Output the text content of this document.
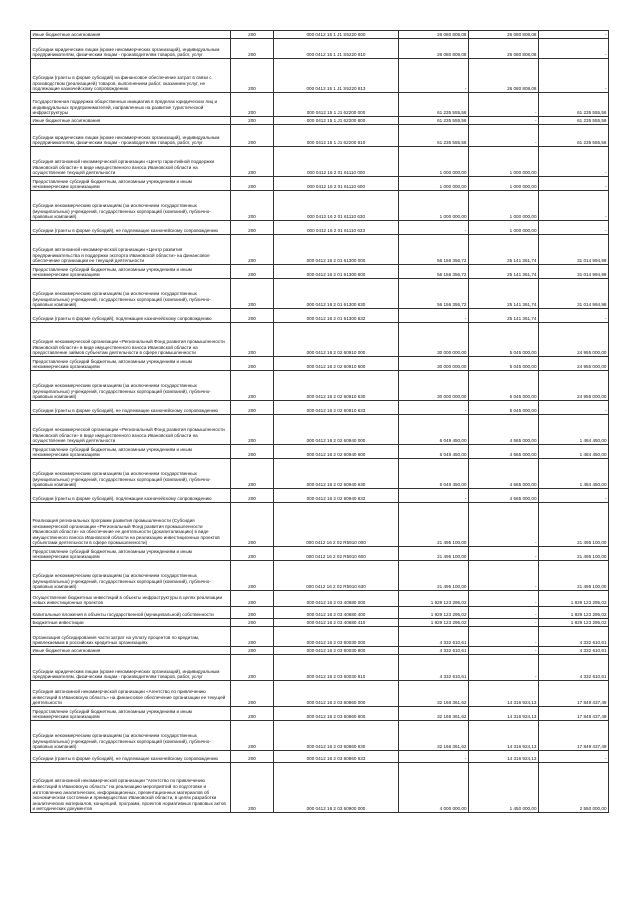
Иные бюджетные ассигнования	200	000 0412 15 1 J1 S5220 800	26 080 808,08	26 080 808,08	-
Субсидии юридическим лицам (кроме некоммерческих организаций), индивидуальным предпринимателям, физическим лицам - производителям товаров, работ, услуг	200	000 0412 15 1 J1 S5220 810	26 080 808,08	26 080 808,08	-
Субсидии (гранты в форме субсидий) на финансовое обеспечение затрат в связи с производством (реализацией) товаров, выполнением работ, оказанием услуг, не подлежащие казначейскому сопровождению	200	000 0412 15 1 J1 S5220 813	-	26 080 808,08	-
Государственная поддержка общественных инициатив в пределах юридических лиц и индивидуальных предпринимателей, направленных на развитие туристической инфраструктуры	200	000 0412 15 1 J1 62200 000	61 235 555,56	-	61 235 555,56
Иные бюджетные ассигнования	200	000 0412 15 1 J1 62200 800	61 235 555,56	-	61 235 555,56
Субсидии юридическим лицам (кроме некоммерческих организаций), индивидуальным предпринимателям, физическим лицам - производителям товаров, работ, услуг	200	000 0412 15 1 J1 62200 810	61 235 555,56	-	61 235 555,56
Субсидия автономной некоммерческой организации «Центр гарантийной поддержки Ивановской области» в виде имущественного взноса Ивановской области на осуществление текущей деятельности	200	000 0412 16 2 01 61110 000	1 000 000,00	1 000 000,00	-
Предоставление субсидий бюджетным, автономным учреждениям и иным некоммерческим организациям	200	000 0412 16 2 01 61110 600	1 000 000,00	1 000 000,00	-
Субсидии некоммерческим организациям (за исключением государственных (муниципальных) учреждений, государственных корпораций (компаний), публично-правовых компаний)	200	000 0412 16 2 01 61110 630	1 000 000,00	1 000 000,00	-
Субсидии (гранты в форме субсидий), не подлежащие казначейскому сопровождению	200	000 0412 16 2 01 61110 633	-	1 000 000,00	-
Субсидия автономной некоммерческой организации «Центр развития предпринимательства и поддержки экспорта Ивановской области» на финансовое обеспечение организации ее текущей деятельности	200	000 0412 16 2 01 61300 000	56 156 356,72	25 141 361,74	31 014 994,98
Предоставление субсидий бюджетным, автономным учреждениям и иным некоммерческим организациям	200	000 0412 16 2 01 61300 600	56 156 356,72	25 141 361,74	31 014 994,98
Субсидии некоммерческим организациям (за исключением государственных (муниципальных) учреждений, государственных корпораций (компаний), публично-правовых компаний)	200	000 0412 16 2 01 61300 630	56 156 356,72	25 141 361,74	31 014 994,98
Субсидии (гранты в форме субсидий), подлежащие казначейскому сопровождению	200	000 0412 16 2 01 61300 632	-	25 141 361,74	-
Субсидия некоммерческой организации «Региональный Фонд развития промышленности Ивановской области» в виде имущественного взноса Ивановской области на предоставление займов субъектам деятельности в сфере промышленности	200	000 0412 16 2 02 60910 000	30 000 000,00	5 045 000,00	24 955 000,00
Предоставление субсидий бюджетным, автономным учреждениям и иным некоммерческим организациям	200	000 0412 16 2 02 60910 600	30 000 000,00	5 045 000,00	24 955 000,00
Субсидии некоммерческим организациям (за исключением государственных (муниципальных) учреждений, государственных корпораций (компаний), публично-правовых компаний)	200	000 0412 16 2 02 60910 630	30 000 000,00	5 045 000,00	24 955 000,00
Субсидии (гранты в форме субсидий), не подлежащие казначейскому сопровождению	200	000 0412 16 2 02 60910 633	-	5 045 000,00	-
Субсидия некоммерческой организации «Региональный Фонд развития промышленности Ивановской области» в виде имущественного взноса Ивановской области на осуществление текущей деятельности	200	000 0412 16 2 02 60940 000	6 049 450,00	4 565 000,00	1 484 450,00
Предоставление субсидий бюджетным, автономным учреждениям и иным некоммерческим организациям	200	000 0412 16 2 02 60940 600	6 049 450,00	4 565 000,00	1 484 450,00
Субсидии некоммерческим организациям (за исключением государственных (муниципальных) учреждений, государственных корпораций (компаний), публично-правовых компаний)	200	000 0412 16 2 02 60940 630	6 049 450,00	4 565 000,00	1 484 450,00
Субсидии (гранты в форме субсидий), подлежащие казначейскому сопровождению	200	000 0412 16 2 02 60940 632	-	4 565 000,00	-
Реализация региональных программ развития промышленности (Субсидия некоммерческой организации «Региональный Фонд развития промышленности Ивановской области» на обеспечение ее деятельности (докапитализацию) в виде имущественного взноса Ивановской области на реализацию инвестиционных проектов субъектами деятельности в сфере промышленности)	200	000 0412 16 2 02 R5910 000	21 495 100,00	-	21 495 100,00
Предоставление субсидий бюджетным, автономным учреждениям и иным некоммерческим организациям	200	000 0412 16 2 02 R5910 600	21 495 100,00	-	21 495 100,00
Субсидии некоммерческим организациям (за исключением государственных (муниципальных) учреждений, государственных корпораций (компаний), публично-правовых компаний)	200	000 0412 16 2 02 R5910 630	21 495 100,00	-	21 495 100,00
Осуществление бюджетных инвестиций в объекты инфраструктуры в целях реализации новых инвестиционных проектов	200	000 0412 16 2 03 40680 000	1 929 123 295,02	-	1 929 123 295,02
Капитальные вложения в объекты государственной (муниципальной) собственности	200	000 0412 16 2 03 40680 400	1 929 123 295,02	-	1 929 123 295,02
Бюджетные инвестиции	200	000 0412 16 2 03 40680 410	1 929 123 295,02	-	1 929 123 295,02
Организация субсидирования части затрат на уплату процентов по кредитам, привлекаемым в российских кредитных организациях	200	000 0412 16 2 03 60030 000	4 332 610,61	-	4 332 610,61
Иные бюджетные ассигнования	200	000 0412 16 2 03 60030 800	4 332 610,61	-	4 332 610,61
Субсидии юридическим лицам (кроме некоммерческих организаций), индивидуальным предпринимателям, физическим лицам - производителям товаров, работ, услуг	200	000 0412 16 2 03 60030 810	4 332 610,61	-	4 332 610,61
Субсидия автономной некоммерческой организации «Агентство по привлечению инвестиций в Ивановскую область» на финансовое обеспечение организации ее текущей деятельности	200	000 0412 16 2 03 60860 000	32 166 361,62	14 316 924,13	17 849 437,49
Предоставление субсидий бюджетным, автономным учреждениям и иным некоммерческим организациям	200	000 0412 16 2 03 60860 600	32 166 361,62	14 316 924,13	17 849 437,49
Субсидии некоммерческим организациям (за исключением государственных (муниципальных) учреждений, государственных корпораций (компаний), публично-правовых компаний)	200	000 0412 16 2 03 60860 630	32 166 361,62	14 316 924,13	17 849 437,49
Субсидии (гранты в форме субсидий), не подлежащие казначейскому сопровождению	200	000 0412 16 2 03 60860 633	-	14 316 924,13	-
Субсидия автономной некоммерческой организации "Агентство по привлечению инвестиций в Ивановскую область" на реализацию мероприятий по подготовке и изготовлению аналитических, информационных, презентационных материалов об экономическом состоянии и преимуществах Ивановской области, в целях разработки аналитических материалов, концепций, программ, проектов нормативных правовых актов и методических документов	200	000 0412 16 2 03 60900 000	4 000 000,00	1 450 000,00	2 550 000,00
